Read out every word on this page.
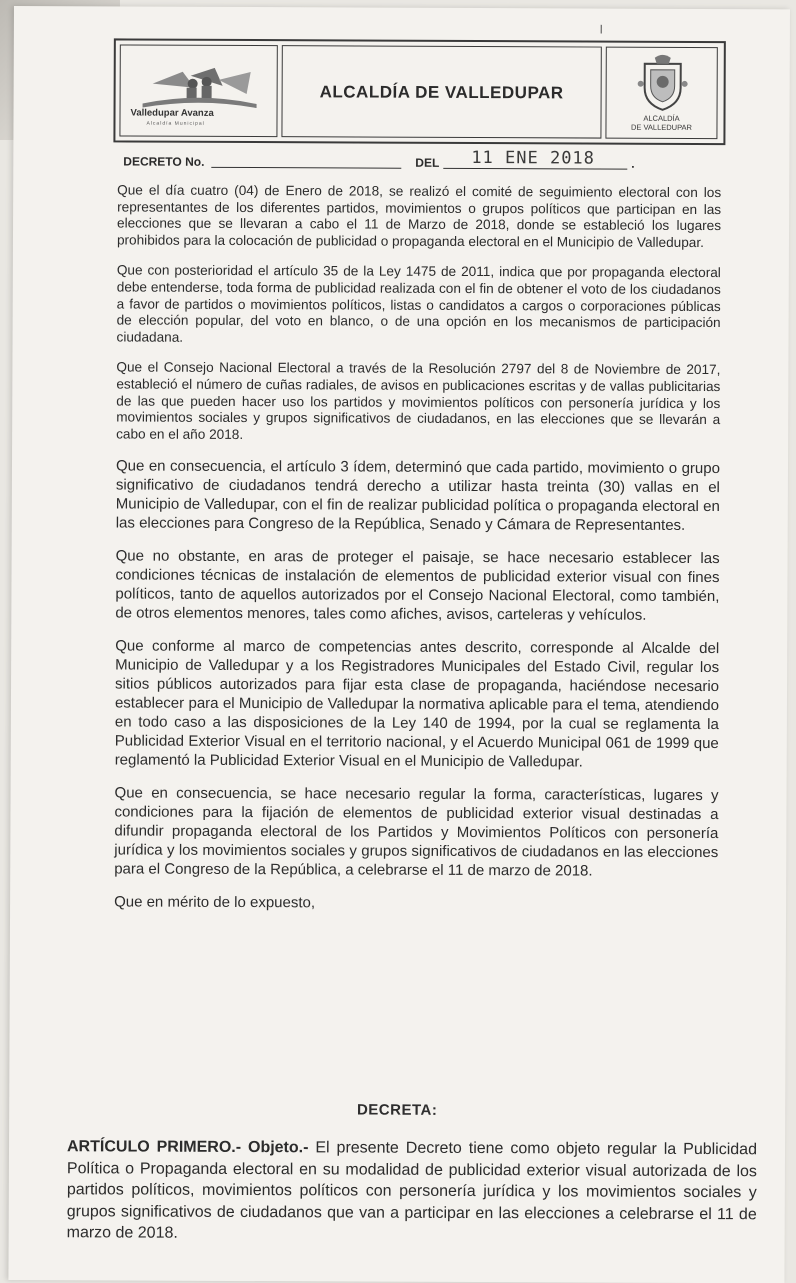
l
Valledupar Avanza
Alcaldía Municipal
ALCALDÍA DE VALLEDUPAR
ALCALDÍA
DE VALLEDUPAR
DECRETO No.	DEL 11 ENE 2018	.

Que el día cuatro (04) de Enero de 2018, se realizó el comité de seguimiento electoral con los representantes de los diferentes partidos, movimientos o grupos políticos que participan en las elecciones que se llevaran a cabo el 11 de Marzo de 2018, donde se estableció los lugares prohibidos para la colocación de publicidad o propaganda electoral en el Municipio de Valledupar.

Que con posterioridad el artículo 35 de la Ley 1475 de 2011, indica que por propaganda electoral debe entenderse, toda forma de publicidad realizada con el fin de obtener el voto de los ciudadanos a favor de partidos o movimientos políticos, listas o candidatos a cargos o corporaciones públicas de elección popular, del voto en blanco, o de una opción en los mecanismos de participación ciudadana.

Que el Consejo Nacional Electoral a través de la Resolución 2797 del 8 de Noviembre de 2017, estableció el número de cuñas radiales, de avisos en publicaciones escritas y de vallas publicitarias de las que pueden hacer uso los partidos y movimientos políticos con personería jurídica y los movimientos sociales y grupos significativos de ciudadanos, en las elecciones que se llevarán a cabo en el año 2018.

Que en consecuencia, el artículo 3 ídem, determinó que cada partido, movimiento o grupo significativo de ciudadanos tendrá derecho a utilizar hasta treinta (30) vallas en el Municipio de Valledupar, con el fin de realizar publicidad política o propaganda electoral en las elecciones para Congreso de la República, Senado y Cámara de Representantes.

Que no obstante, en aras de proteger el paisaje, se hace necesario establecer las condiciones técnicas de instalación de elementos de publicidad exterior visual con fines políticos, tanto de aquellos autorizados por el Consejo Nacional Electoral, como también, de otros elementos menores, tales como afiches, avisos, carteleras y vehículos.

Que conforme al marco de competencias antes descrito, corresponde al Alcalde del Municipio de Valledupar y a los Registradores Municipales del Estado Civil, regular los sitios públicos autorizados para fijar esta clase de propaganda, haciéndose necesario establecer para el Municipio de Valledupar la normativa aplicable para el tema, atendiendo en todo caso a las disposiciones de la Ley 140 de 1994, por la cual se reglamenta la Publicidad Exterior Visual en el territorio nacional, y el Acuerdo Municipal 061 de 1999 que reglamentó la Publicidad Exterior Visual en el Municipio de Valledupar.

Que en consecuencia, se hace necesario regular la forma, características, lugares y condiciones para la fijación de elementos de publicidad exterior visual destinadas a difundir propaganda electoral de los Partidos y Movimientos Políticos con personería jurídica y los movimientos sociales y grupos significativos de ciudadanos en las elecciones para el Congreso de la República, a celebrarse el 11 de marzo de 2018.

Que en mérito de lo expuesto,

DECRETA:
ARTÍCULO PRIMERO.- Objeto.- El presente Decreto tiene como objeto regular la Publicidad Política o Propaganda electoral en su modalidad de publicidad exterior visual autorizada de los partidos políticos, movimientos políticos con personería jurídica y los movimientos sociales y grupos significativos de ciudadanos que van a participar en las elecciones a celebrarse el 11 de marzo de 2018.
